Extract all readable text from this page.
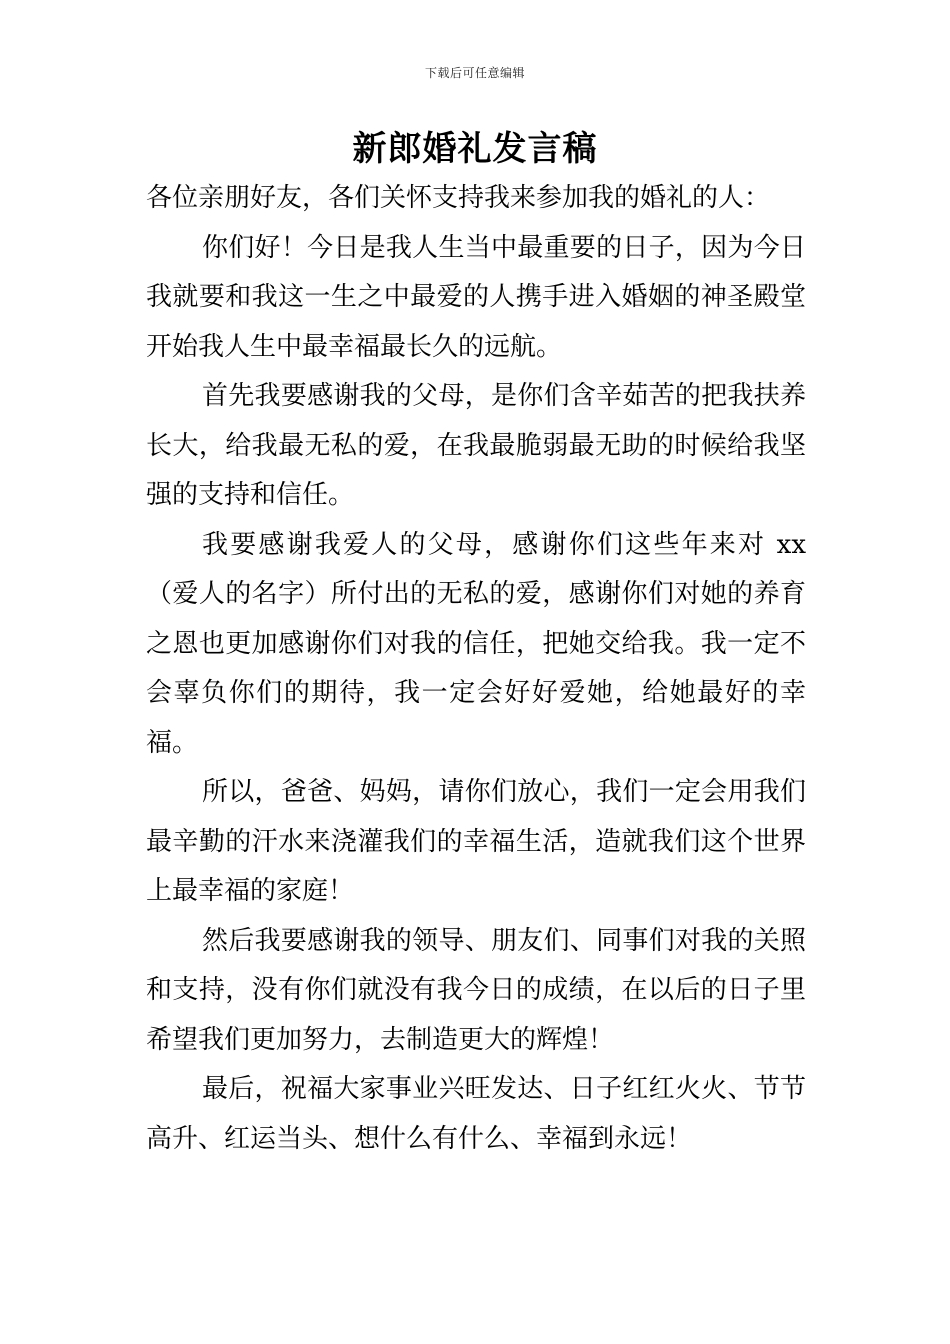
下载后可任意编辑
新郎婚礼发言稿

各位亲朋好友，各们关怀支持我来参加我的婚礼的人：

你们好！今日是我人生当中最重要的日子，因为今日我就要和我这一生之中最爱的人携手进入婚姻的神圣殿堂开始我人生中最幸福最长久的远航。

首先我要感谢我的父母，是你们含辛茹苦的把我扶养长大，给我最无私的爱，在我最脆弱最无助的时候给我坚强的支持和信任。

我要感谢我爱人的父母，感谢你们这些年来对 xx（爱人的名字）所付出的无私的爱，感谢你们对她的养育之恩也更加感谢你们对我的信任，把她交给我。我一定不会辜负你们的期待，我一定会好好爱她，给她最好的幸福。

所以，爸爸、妈妈，请你们放心，我们一定会用我们最辛勤的汗水来浇灌我们的幸福生活，造就我们这个世界上最幸福的家庭！

然后我要感谢我的领导、朋友们、同事们对我的关照和支持，没有你们就没有我今日的成绩，在以后的日子里希望我们更加努力，去制造更大的辉煌！

最后，祝福大家事业兴旺发达、日子红红火火、节节高升、红运当头、想什么有什么、幸福到永远！
